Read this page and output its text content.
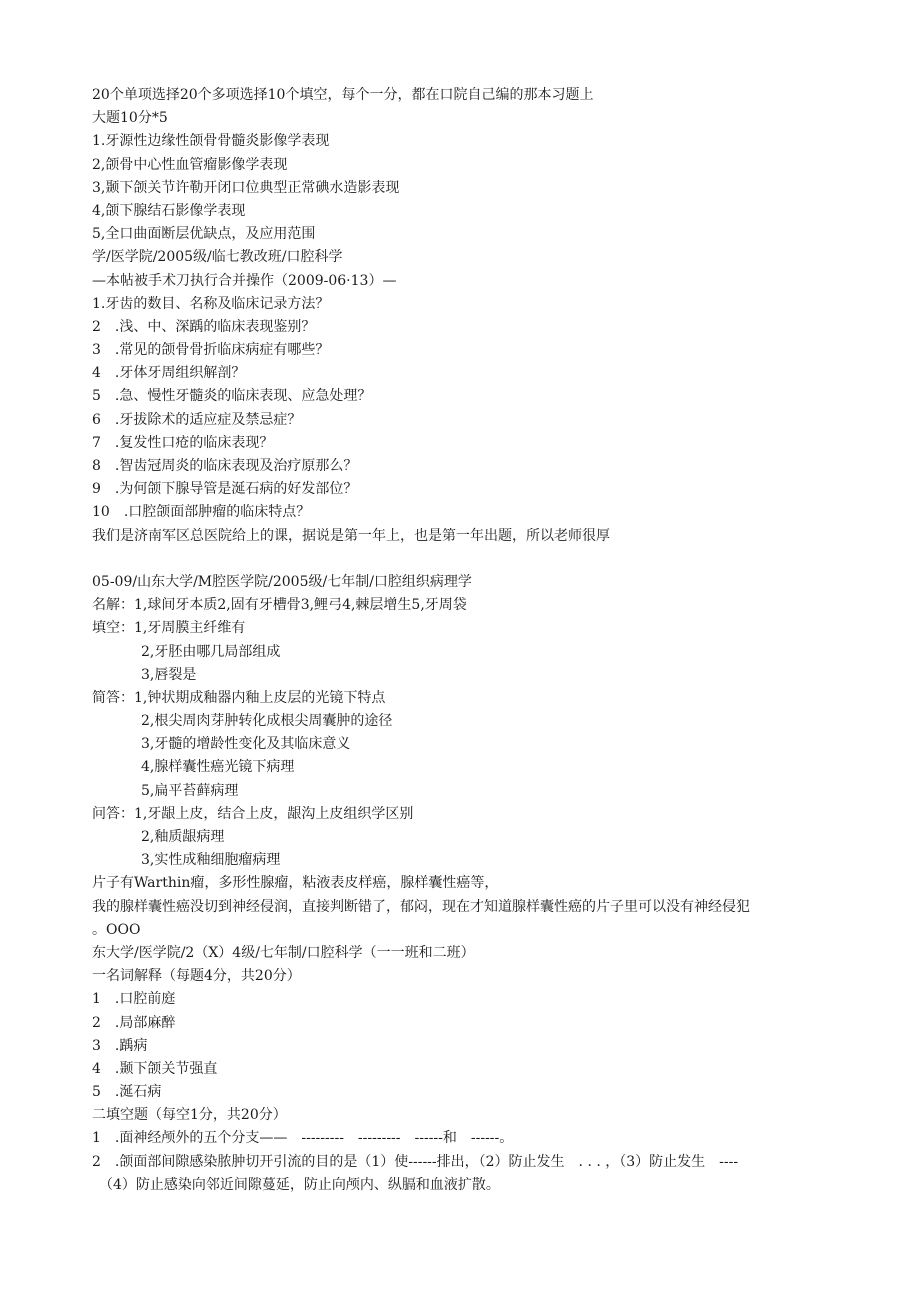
20个单项选择20个多项选择10个填空，每个一分，都在口院自己编的那本习题上
大题10分*5
1.牙源性边缘性颌骨骨髓炎影像学表现
2,颌骨中心性血管瘤影像学表现
3,颞下颌关节许勒开闭口位典型正常碘水造影表现
4,颌下腺结石影像学表现
5,全口曲面断层优缺点，及应用范围
学/医学院/2005级/临七教改班/口腔科学
—本帖被手术刀执行合并操作（2009-06·13）—
1.牙齿的数目、名称及临床记录方法？
2　.浅、中、深踽的临床表现鉴别？
3　.常见的颌骨骨折临床病症有哪些？
4　.牙体牙周组织解剖？
5　.急、慢性牙髓炎的临床表现、应急处理？
6　.牙拔除术的适应症及禁忌症？
7　.复发性口疮的临床表现？
8　.智齿冠周炎的临床表现及治疗原那么？
9　.为何颌下腺导管是涎石病的好发部位？
10　.口腔颌面部肿瘤的临床特点？
我们是济南军区总医院给上的课，据说是第一年上，也是第一年出题，所以老师很厚
05-09/山东大学/M腔医学院/2005级/七年制/口腔组织病理学
名解：1,球间牙本质2,固有牙槽骨3,鲤弓4,棘层增生5,牙周袋
填空：1,牙周膜主纤维有
2,牙胚由哪几局部组成
3,唇裂是
简答：1,钟状期成釉器内釉上皮层的光镜下特点
2,根尖周肉芽肿转化成根尖周囊肿的途径
3,牙髓的增龄性变化及其临床意义
4,腺样囊性癌光镜下病理
5,扁平苔藓病理
问答：1,牙龈上皮，结合上皮，龈沟上皮组织学区别
2,釉质龈病理
3,实性成釉细胞瘤病理
片子有Warthin瘤，多形性腺瘤，粘液表皮样癌，腺样囊性癌等，
我的腺样囊性癌没切到神经侵润，直接判断错了，郁闷，现在才知道腺样囊性癌的片子里可以没有神经侵犯
。OOO
东大学/医学院/2（X）4级/七年制/口腔科学（一一班和二班）
一名词解释（每题4分，共20分）
1　.口腔前庭
2　.局部麻醉
3　.踽病
4　.颞下颌关节强直
5　.涎石病
二填空题（每空1分，共20分）
1　.面神经颅外的五个分支——　---------　---------　------和　------。
2　.颌面部间隙感染脓肿切开引流的目的是（1）使------排出，（2）防止发生　. . . ，（3）防止发生　----
（4）防止感染向邻近间隙蔓延，防止向颅内、纵膈和血液扩散。
